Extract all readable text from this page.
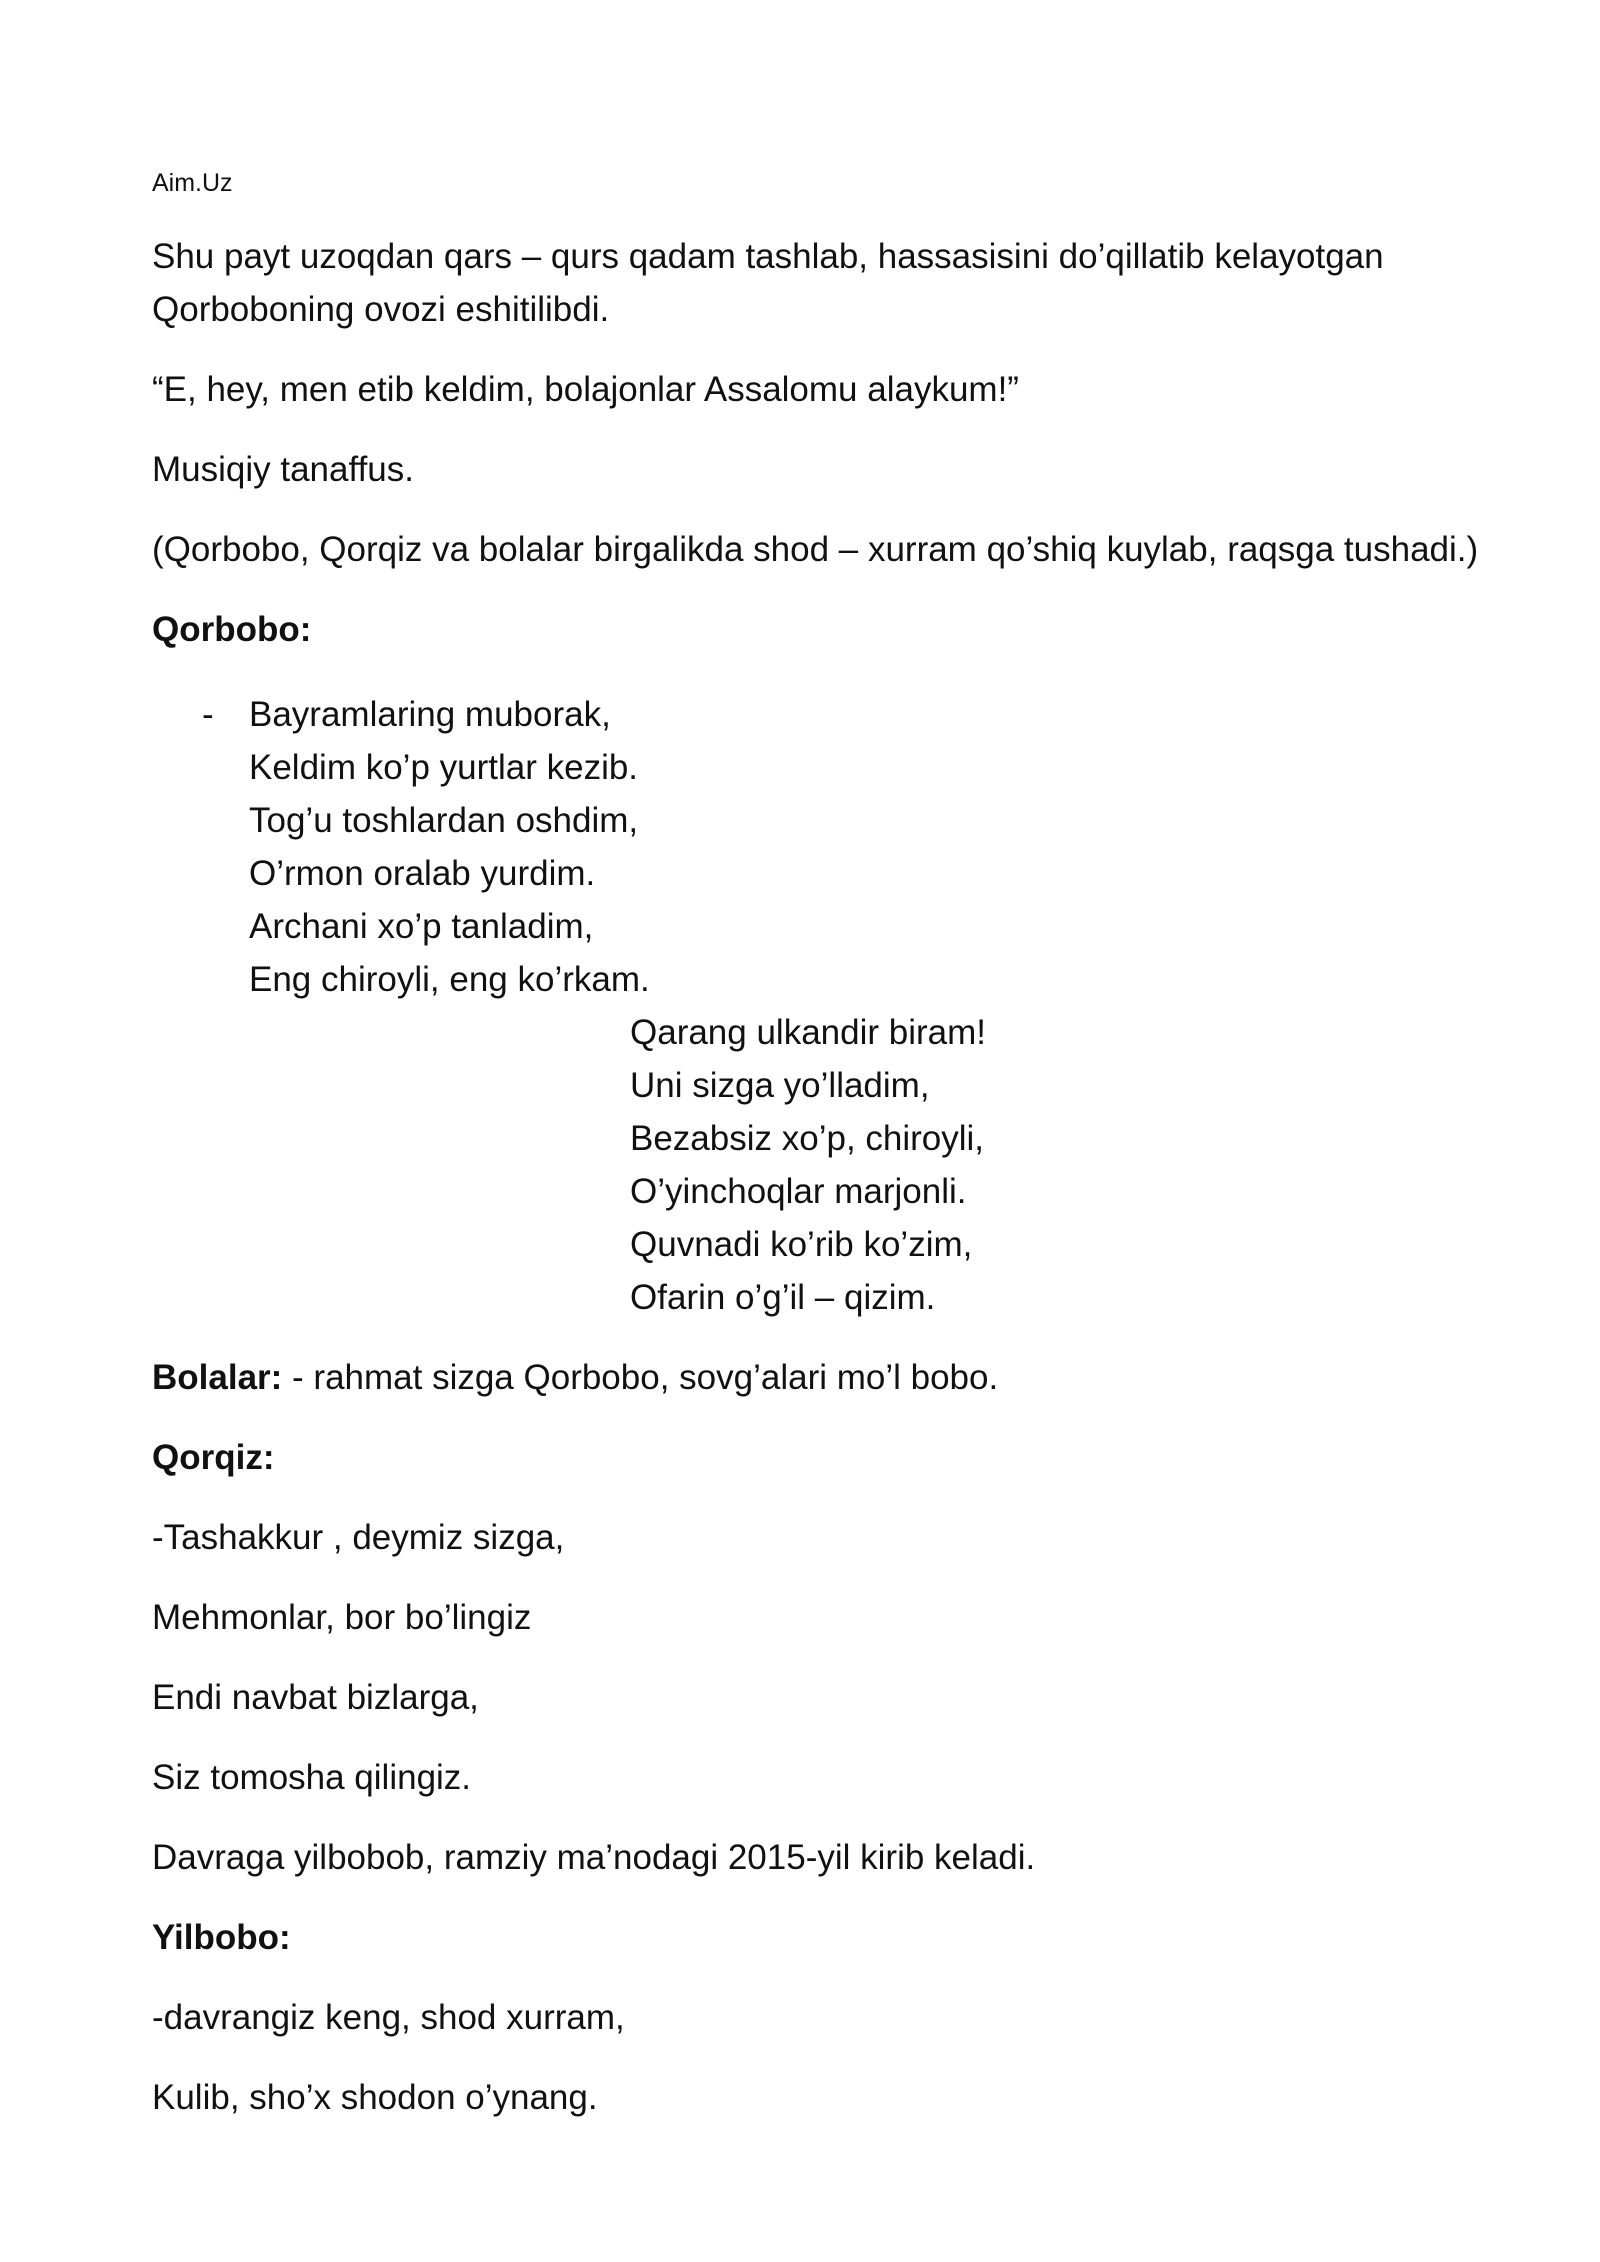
Aim.Uz
Shu payt uzoqdan qars – qurs qadam tashlab, hassasisini do’qillatib kelayotgan
Qorboboning ovozi eshitilibdi.
“E, hey, men etib keldim, bolajonlar Assalomu alaykum!”
Musiqiy tanaffus.
(Qorbobo, Qorqiz va bolalar birgalikda shod – xurram qo’shiq kuylab, raqsga tushadi.)
Qorbobo:
- Bayramlaring muborak,
Keldim ko’p yurtlar kezib.
Tog’u toshlardan oshdim,
O’rmon oralab yurdim.
Archani xo’p tanladim,
Eng chiroyli, eng ko’rkam.
Qarang ulkandir biram!
Uni sizga yo’lladim,
Bezabsiz xo’p, chiroyli,
O’yinchoqlar marjonli.
Quvnadi ko’rib ko’zim,
Ofarin o’g’il – qizim.
Bolalar: - rahmat sizga Qorbobo, sovg’alari mo’l bobo.
Qorqiz:
-Tashakkur , deymiz sizga,
Mehmonlar, bor bo’lingiz
Endi navbat bizlarga,
Siz tomosha qilingiz.
Davraga yilbobob, ramziy ma’nodagi 2015-yil kirib keladi.
Yilbobo:
-davrangiz keng, shod xurram,
Kulib, sho’x shodon o’ynang.
